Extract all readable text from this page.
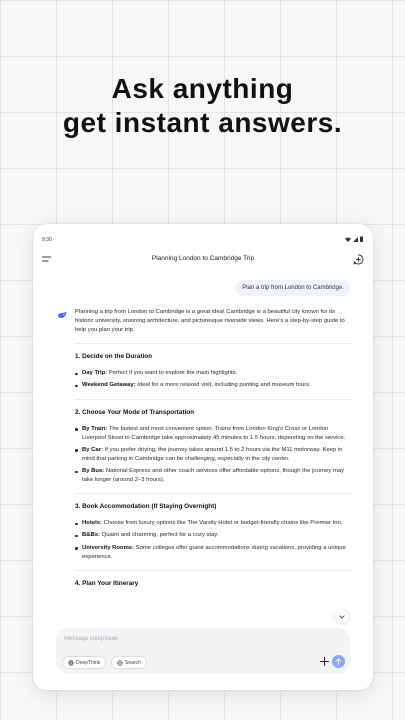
Ask anything
get instant answers.
9:30
Planning London to Cambridge Trip
Plan a trip from London to Cambridge.

Planning a trip from London to Cambridge is a great idea! Cambridge is a beautiful city known for its historic university, stunning architecture, and picturesque riverside views. Here's a step-by-step guide to help you plan your trip.

1. Decide on the Duration
Day Trip: Perfect if you want to explore the main highlights.
Weekend Getaway: Ideal for a more relaxed visit, including punting and museum tours.
2. Choose Your Mode of Transportation
By Train: The fastest and most convenient option. Trains from London King's Cross or London Liverpool Street to Cambridge take approximately 45 minutes to 1.5 hours, depending on the service.
By Car: If you prefer driving, the journey takes around 1.5 to 2 hours via the M11 motorway. Keep in mind that parking in Cambridge can be challenging, especially in the city center.
By Bus: National Express and other coach services offer affordable options, though the journey may take longer (around 2–3 hours).
3. Book Accommodation (If Staying Overnight)
Hotels: Choose from luxury options like The Varsity Hotel or budget-friendly chains like Premier Inn.
B&Bs: Quaint and charming, perfect for a cozy stay.
University Rooms: Some colleges offer guest accommodations during vacations, providing a unique experience.
4. Plan Your Itinerary
Message DeepSeek
DeepThink	Search
